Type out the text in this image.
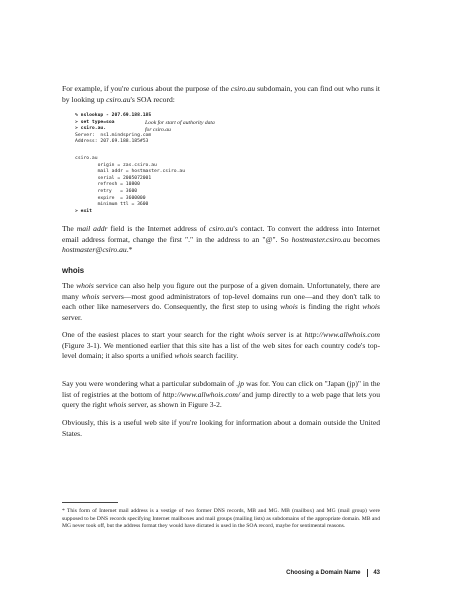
For example, if you're curious about the purpose of the csiro.au subdomain, you can find out who runs it by looking up csiro.au's SOA record:

% nslookup - 207.69.188.185
> set type=soa
> csiro.au.
Server:  ns1.mindspring.com
Address: 207.69.188.185#53
Look for start of authority data
for csiro.au
csiro.au
origin = zas.csiro.au
mail addr = hostmaster.csiro.au
serial = 2005072001
refresh = 10800
retry   = 3600
expire  = 3600000
minimum ttl = 3600
> exit

The mail addr field is the Internet address of csiro.au's contact. To convert the address into Internet email address format, change the first "." in the address to an "@". So hostmaster.csiro.au becomes hostmaster@csiro.au.*

whois

The whois service can also help you figure out the purpose of a given domain. Unfortunately, there are many whois servers—most good administrators of top-level domains run one—and they don't talk to each other like nameservers do. Consequently, the first step to using whois is finding the right whois server.

One of the easiest places to start your search for the right whois server is at http://www.allwhois.com (Figure 3-1). We mentioned earlier that this site has a list of the web sites for each country code's top-level domain; it also sports a unified whois search facility.

Say you were wondering what a particular subdomain of .jp was for. You can click on "Japan (jp)" in the list of registries at the bottom of http://www.allwhois.com/ and jump directly to a web page that lets you query the right whois server, as shown in Figure 3-2.

Obviously, this is a useful web site if you're looking for information about a domain outside the United States.

* This form of Internet mail address is a vestige of two former DNS records, MB and MG. MB (mailbox) and MG (mail group) were supposed to be DNS records specifying Internet mailboxes and mail groups (mailing lists) as subdomains of the appropriate domain. MB and MG never took off, but the address format they would have dictated is used in the SOA record, maybe for sentimental reasons.

Choosing a Domain Name 43
